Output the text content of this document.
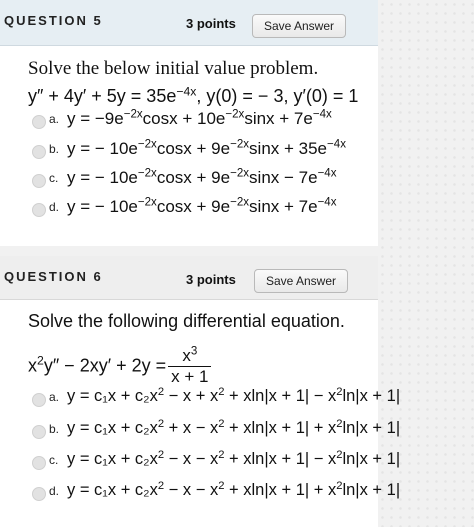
QUESTION 5	3 points	Save Answer
Solve the below initial value problem.
$y'' + 4y' + 5y = 35e^{-4x}$, y(0) = − 3, y′(0) = 1
a. $y = -9e^{-2x}\cos x + 10e^{-2x}\sin x + 7e^{-4x}$
b. y = − $10e^{-2x}\cos x + 9e^{-2x}\sin x + 35e^{-4x}$
c. y = − $10e^{-2x}\cos x + 9e^{-2x}\sin x - 7e^{-4x}$
d. y = − $10e^{-2x}\cos x + 9e^{-2x}\sin x + 7e^{-4x}$
QUESTION 6	3 points	Save Answer
Solve the following differential equation.
$x^2y'' - 2xy' + 2y = \frac{x^3}{x + 1}$
a. $y = c_1x + c_2x^2 - x + x^2 + xln|x + 1| - x^2\ln|x + 1|$
b. $y = c_1x + c_2x^2 + x - x^2 + xln|x + 1| + x^2\ln|x + 1|$
c. $y = c_1x + c_2x^2 - x - x^2 + xln|x + 1| - x^2\ln|x + 1|$
d. $y = c_1x + c_2x^2 - x - x^2 + xln|x + 1| + x^2\ln|x + 1|$
